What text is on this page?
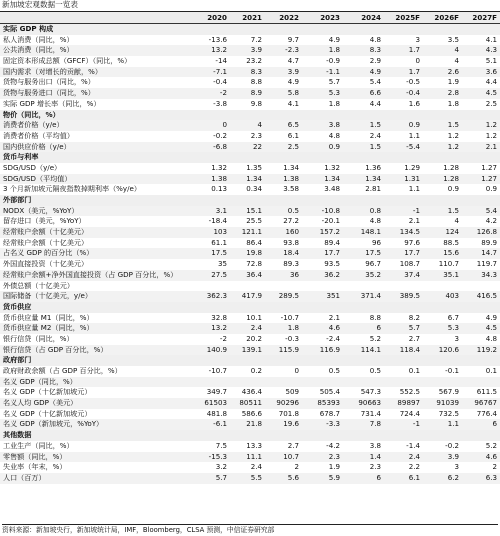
新加坡宏观数据一览表
2020	2021	2022	2023	2024	2025F	2026F	2027F
实际 GDP 构成
私人消费（同比，%）	-13.6	7.2	9.7	4.9	4.8	3	3.5	4.1
公共消费（同比，%）	13.2	3.9	-2.3	1.8	8.3	1.7	4	4.3
固定资本形成总额（GFCF）（同比，%）	-14	23.2	4.7	-0.9	2.9	0	4	5.1
国内需求（对增长的贡献，%）	-7.1	8.3	3.9	-1.1	4.9	1.7	2.6	3.6
货物与服务出口（同比，%）	-0.4	8.8	4.9	5.7	5.4	-0.5	1.9	4.4
货物与服务进口（同比，%）	-2	8.9	5.8	5.3	6.6	-0.4	2.8	4.5
实际 GDP 增长率（同比，%）	-3.8	9.8	4.1	1.8	4.4	1.6	1.8	2.5
物价（同比，%）
消费者价格（y/e）	0	4	6.5	3.8	1.5	0.9	1.5	1.2
消费者价格（平均值）	-0.2	2.3	6.1	4.8	2.4	1.1	1.2	1.2
国内供应价格（y/e）	-6.8	22	2.5	0.9	1.5	-5.4	1.2	2.1
货币与利率
SDG/USD（y/e）	1.32	1.35	1.34	1.32	1.36	1.29	1.28	1.27
SDG/USD（平均值）	1.38	1.34	1.38	1.34	1.34	1.31	1.28	1.27
3 个月新加坡元隔夜指数掉期利率（%y/e）	0.13	0.34	3.58	3.48	2.81	1.1	0.9	0.9
外部部门
NODX（美元，%YoY）	3.1	15.1	0.5	-10.8	0.8	-1	1.5	5.4
留存进口（美元，%YoY）	-18.4	25.5	27.2	-20.1	4.8	2.1	4	4.2
经常账户余额（十亿美元）	103	121.1	160	157.2	148.1	134.5	124	126.8
经常账户余额（十亿美元）	61.1	86.4	93.8	89.4	96	97.6	88.5	89.9
占名义 GDP 的百分比（%）	17.5	19.8	18.4	17.7	17.5	17.7	15.6	14.7
外国直接投资（十亿美元）	35	72.8	89.3	93.5	96.7	108.7	110.7	119.7
经常账户余额+净外国直接投资（占 GDP 百分比，%）	27.5	36.4	36	36.2	35.2	37.4	35.1	34.3
外债总额（十亿美元）
国际储备（十亿美元，y/e）	362.3	417.9	289.5	351	371.4	389.5	403	416.5
货币供应
货币供应量 M1（同比，%）	32.8	10.1	-10.7	2.1	8.8	8.2	6.7	4.9
货币供应量 M2（同比，%）	13.2	2.4	1.8	4.6	6	5.7	5.3	4.5
银行信贷（同比，%）	-2	20.2	-0.3	-2.4	5.2	2.7	3	4.8
银行信贷（占 GDP 百分比，%）	140.9	139.1	115.9	116.9	114.1	118.4	120.6	119.2
政府部门
政府财政余额（占 GDP 百分比，%）	-10.7	0.2	0	0.5	0.5	0.1	-0.1	0.1
名义 GDP（同比，%）
名义 GDP（十亿新加坡元）	349.7	436.4	509	505.4	547.3	552.5	567.9	611.5
名义人均 GDP（美元）	61503	80511	90296	85393	90663	89897	91039	96767
名义 GDP（十亿新加坡元）	481.8	586.6	701.8	678.7	731.4	724.4	732.5	776.4
名义 GDP（新加坡元，%YoY）	-6.1	21.8	19.6	-3.3	7.8	-1	1.1	6
其他数据
工业生产（同比，%）	7.5	13.3	2.7	-4.2	3.8	-1.4	-0.2	5.2
零售额（同比，%）	-15.3	11.1	10.7	2.3	1.4	2.4	3.9	4.6
失业率（年末，%）	3.2	2.4	2	1.9	2.3	2.2	3	2
人口（百万）	5.7	5.5	5.6	5.9	6	6.1	6.2	6.3
资料来源：新加坡央行，新加坡统计局，IMF，Bloomberg，CLSA 预测，中信证券研究部
